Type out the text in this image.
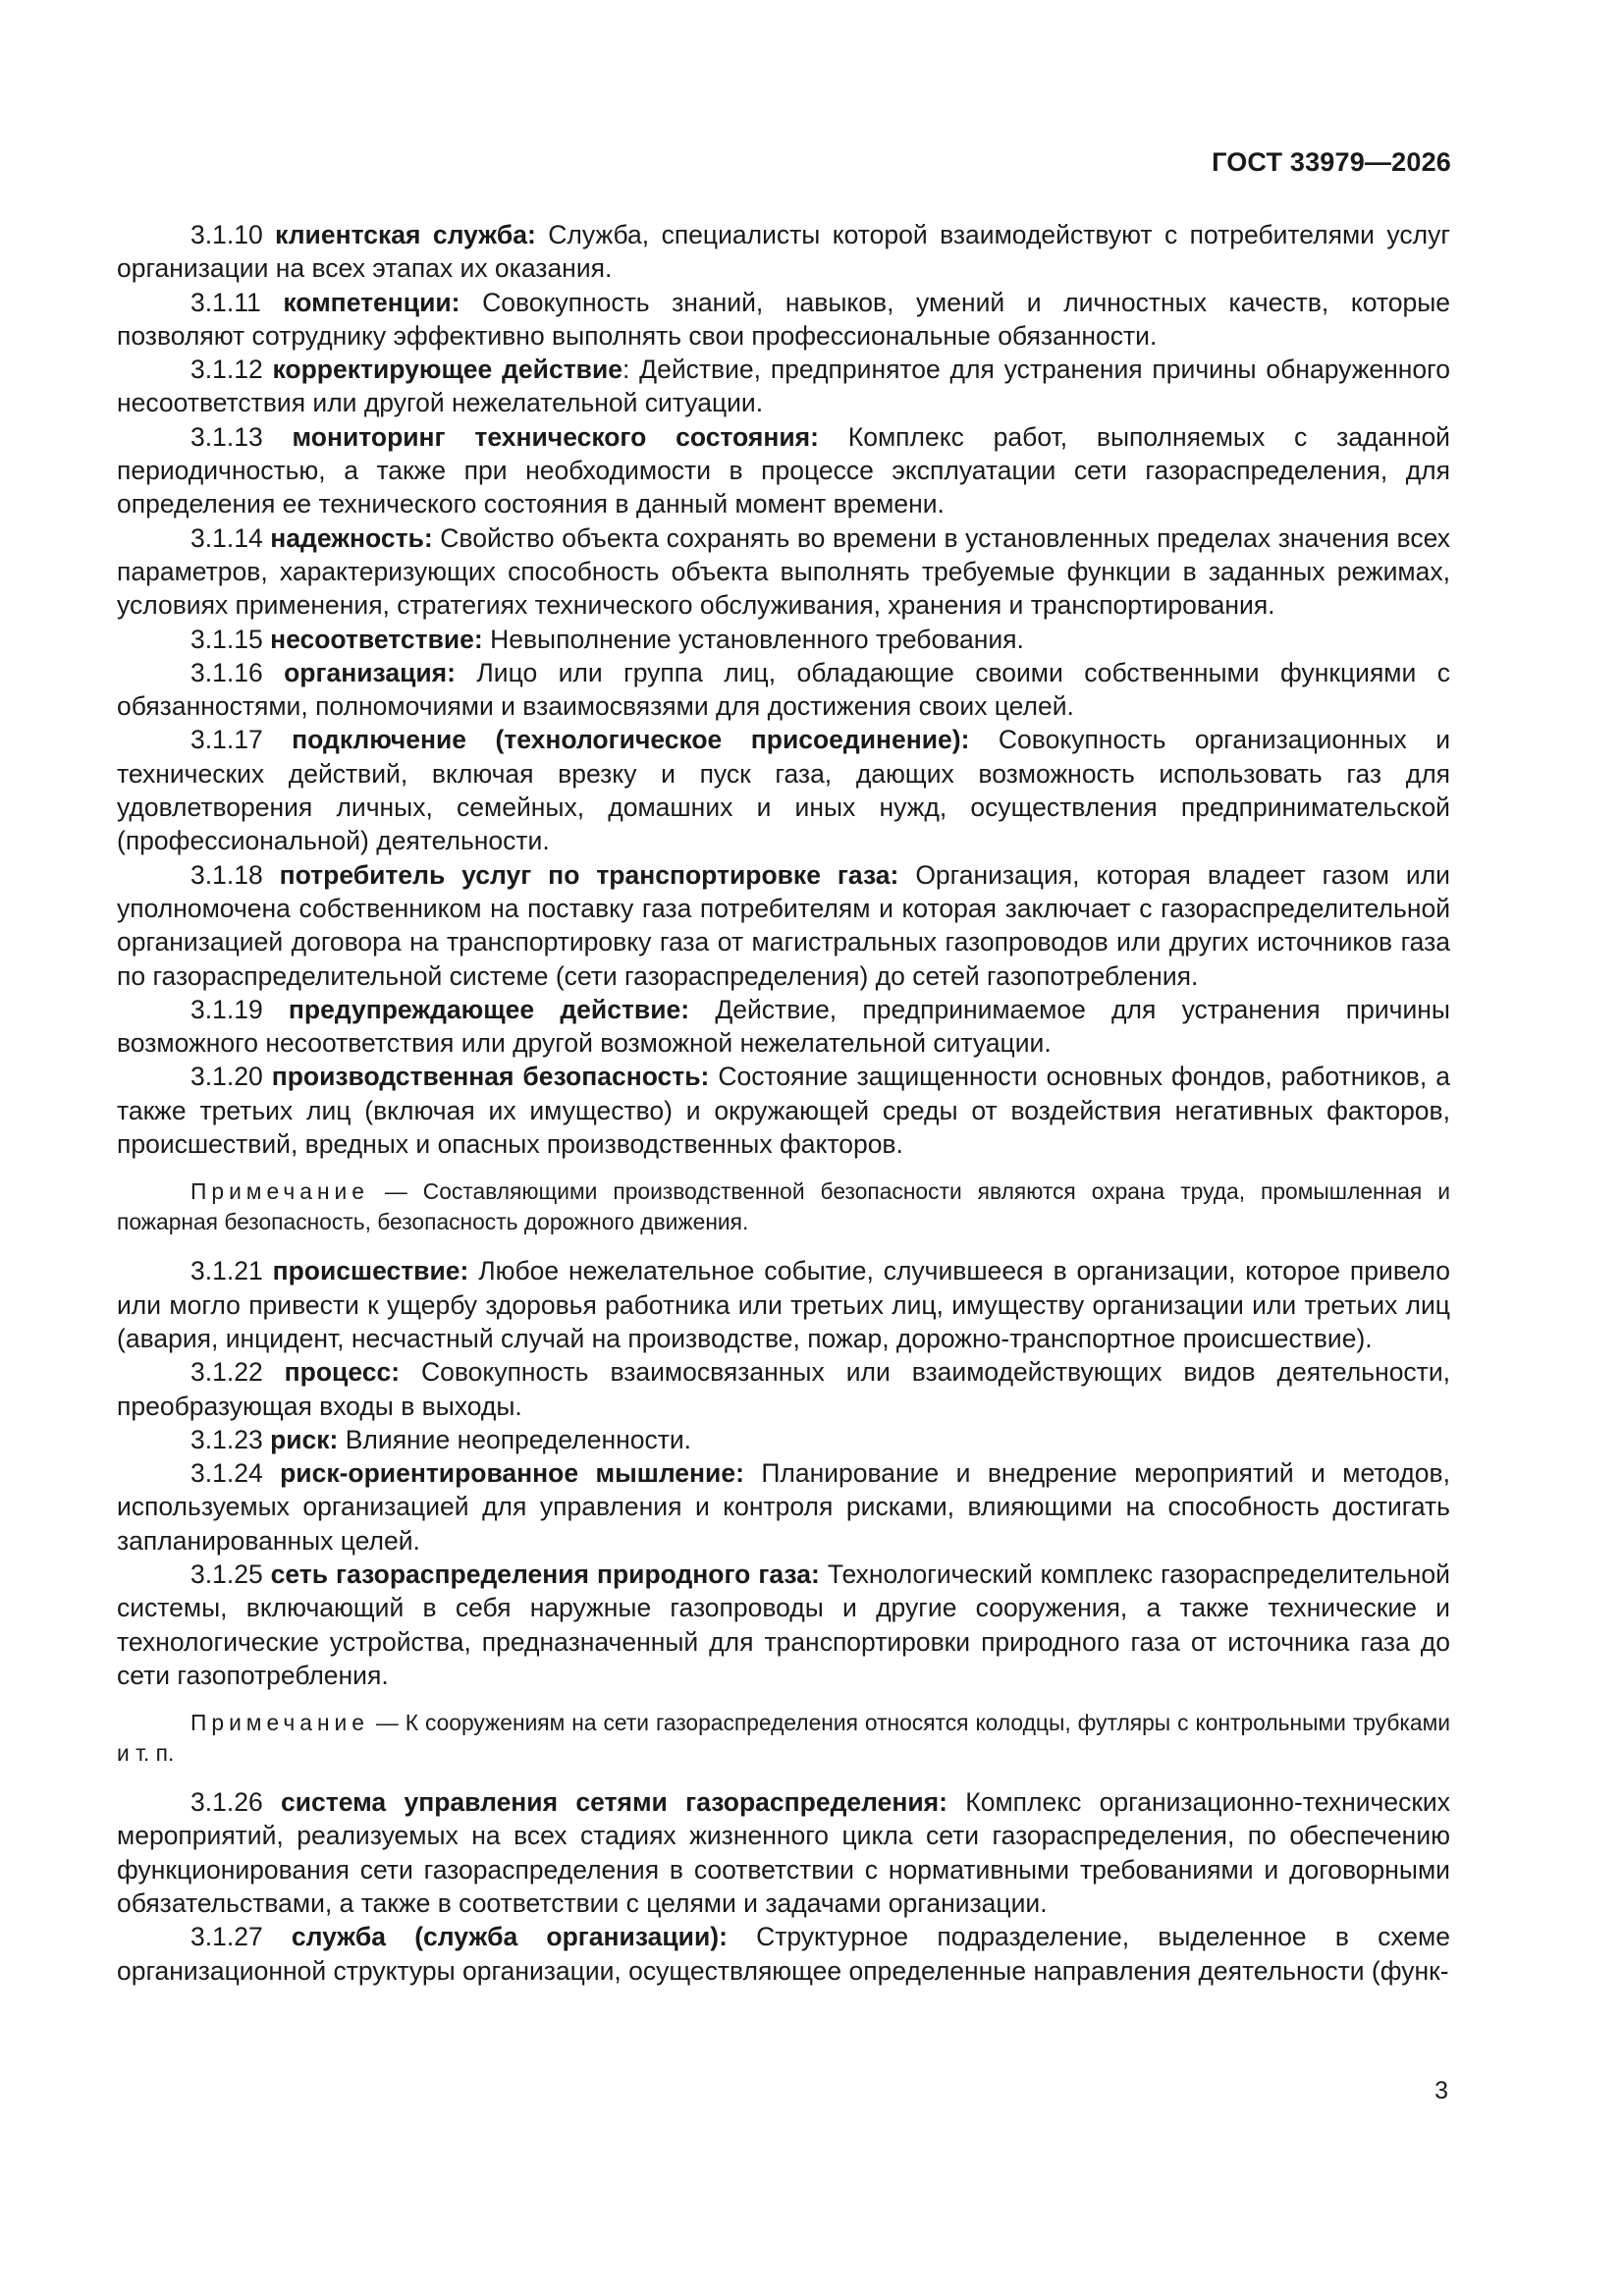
ГОСТ 33979—2026

3.1.10 клиентская служба: Служба, специалисты которой взаимодействуют с потребителями услуг организации на всех этапах их оказания.

3.1.11 компетенции: Совокупность знаний, навыков, умений и личностных качеств, которые позволяют сотруднику эффективно выполнять свои профессиональные обязанности.

3.1.12 корректирующее действие: Действие, предпринятое для устранения причины обнаруженного несоответствия или другой нежелательной ситуации.

3.1.13 мониторинг технического состояния: Комплекс работ, выполняемых с заданной периодичностью, а также при необходимости в процессе эксплуатации сети газораспределения, для определения ее технического состояния в данный момент времени.

3.1.14 надежность: Свойство объекта сохранять во времени в установленных пределах значения всех параметров, характеризующих способность объекта выполнять требуемые функции в заданных режимах, условиях применения, стратегиях технического обслуживания, хранения и транспортирования.

3.1.15 несоответствие: Невыполнение установленного требования.

3.1.16 организация: Лицо или группа лиц, обладающие своими собственными функциями с обязанностями, полномочиями и взаимосвязями для достижения своих целей.

3.1.17 подключение (технологическое присоединение): Совокупность организационных и технических действий, включая врезку и пуск газа, дающих возможность использовать газ для удовлетворения личных, семейных, домашних и иных нужд, осуществления предпринимательской (профессиональной) деятельности.

3.1.18 потребитель услуг по транспортировке газа: Организация, которая владеет газом или уполномочена собственником на поставку газа потребителям и которая заключает с газораспределительной организацией договора на транспортировку газа от магистральных газопроводов или других источников газа по газораспределительной системе (сети газораспределения) до сетей газопотребления.

3.1.19 предупреждающее действие: Действие, предпринимаемое для устранения причины возможного несоответствия или другой возможной нежелательной ситуации.

3.1.20 производственная безопасность: Состояние защищенности основных фондов, работников, а также третьих лиц (включая их имущество) и окружающей среды от воздействия негативных факторов, происшествий, вредных и опасных производственных факторов.

Примечание — Составляющими производственной безопасности являются охрана труда, промышленная и пожарная безопасность, безопасность дорожного движения.

3.1.21 происшествие: Любое нежелательное событие, случившееся в организации, которое привело или могло привести к ущербу здоровья работника или третьих лиц, имуществу организации или третьих лиц (авария, инцидент, несчастный случай на производстве, пожар, дорожно-транспортное происшествие).

3.1.22 процесс: Совокупность взаимосвязанных или взаимодействующих видов деятельности, преобразующая входы в выходы.

3.1.23 риск: Влияние неопределенности.

3.1.24 риск-ориентированное мышление: Планирование и внедрение мероприятий и методов, используемых организацией для управления и контроля рисками, влияющими на способность достигать запланированных целей.

3.1.25 сеть газораспределения природного газа: Технологический комплекс газораспределительной системы, включающий в себя наружные газопроводы и другие сооружения, а также технические и технологические устройства, предназначенный для транспортировки природного газа от источника газа до сети газопотребления.

Примечание — К сооружениям на сети газораспределения относятся колодцы, футляры с контрольными трубками и т. п.

3.1.26 система управления сетями газораспределения: Комплекс организационно-технических мероприятий, реализуемых на всех стадиях жизненного цикла сети газораспределения, по обеспечению функционирования сети газораспределения в соответствии с нормативными требованиями и договорными обязательствами, а также в соответствии с целями и задачами организации.

3.1.27 служба (служба организации): Структурное подразделение, выделенное в схеме организационной структуры организации, осуществляющее определенные направления деятельности (функ-

3
